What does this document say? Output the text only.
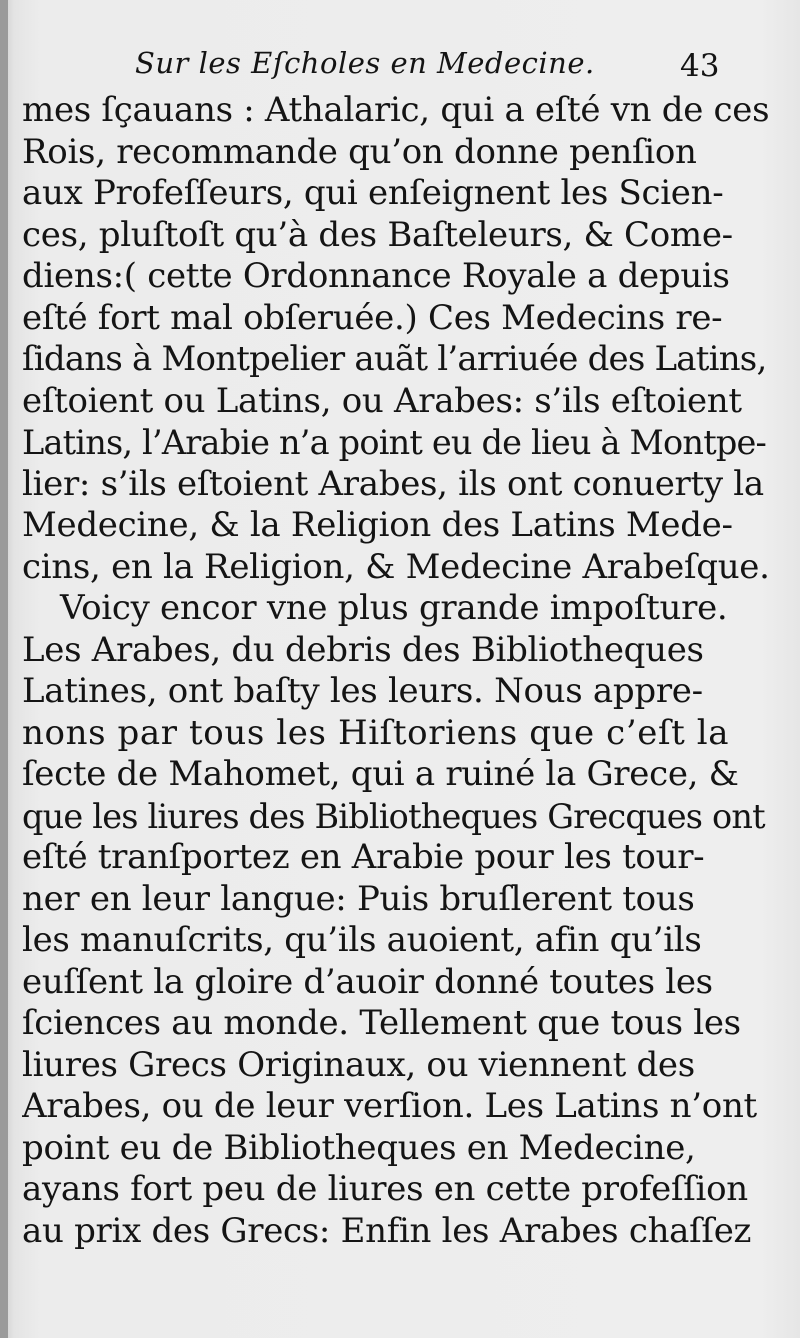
Sur les Eſcholes en Medecine.	43
mes ſçauans : Athalaric, qui a eſté vn de ces
Rois, recommande qu’on donne penſion
aux Profeſſeurs, qui enſeignent les Scien-
ces, pluſtoſt qu’à des Baſteleurs, & Come-
diens:( cette Ordonnance Royale a depuis
eſté fort mal obſeruée.) Ces Medecins re-
ſidans à Montpelier auãt l’arriuée des Latins,
eſtoient ou Latins, ou Arabes: s’ils eſtoient
Latins, l’Arabie n’a point eu de lieu à Montpe-
lier: s’ils eſtoient Arabes, ils ont conuerty la
Medecine, & la Religion des Latins Mede-
cins, en la Religion, & Medecine Arabeſque.
Voicy encor vne plus grande impoſture.
Les Arabes, du debris des Bibliotheques
Latines, ont baſty les leurs. Nous appre-
nons par tous les Hiſtoriens que c’eſt la
ſecte de Mahomet, qui a ruiné la Grece, &
que les liures des Bibliotheques Grecques ont
eſté tranſportez en Arabie pour les tour-
ner en leur langue: Puis bruſlerent tous
les manuſcrits, qu’ils auoient, afin qu’ils
euſſent la gloire d’auoir donné toutes les
ſciences au monde. Tellement que tous les
liures Grecs Originaux, ou viennent des
Arabes, ou de leur verſion. Les Latins n’ont
point eu de Bibliotheques en Medecine,
ayans fort peu de liures en cette profeſſion
au prix des Grecs: Enfin les Arabes chaſſez
